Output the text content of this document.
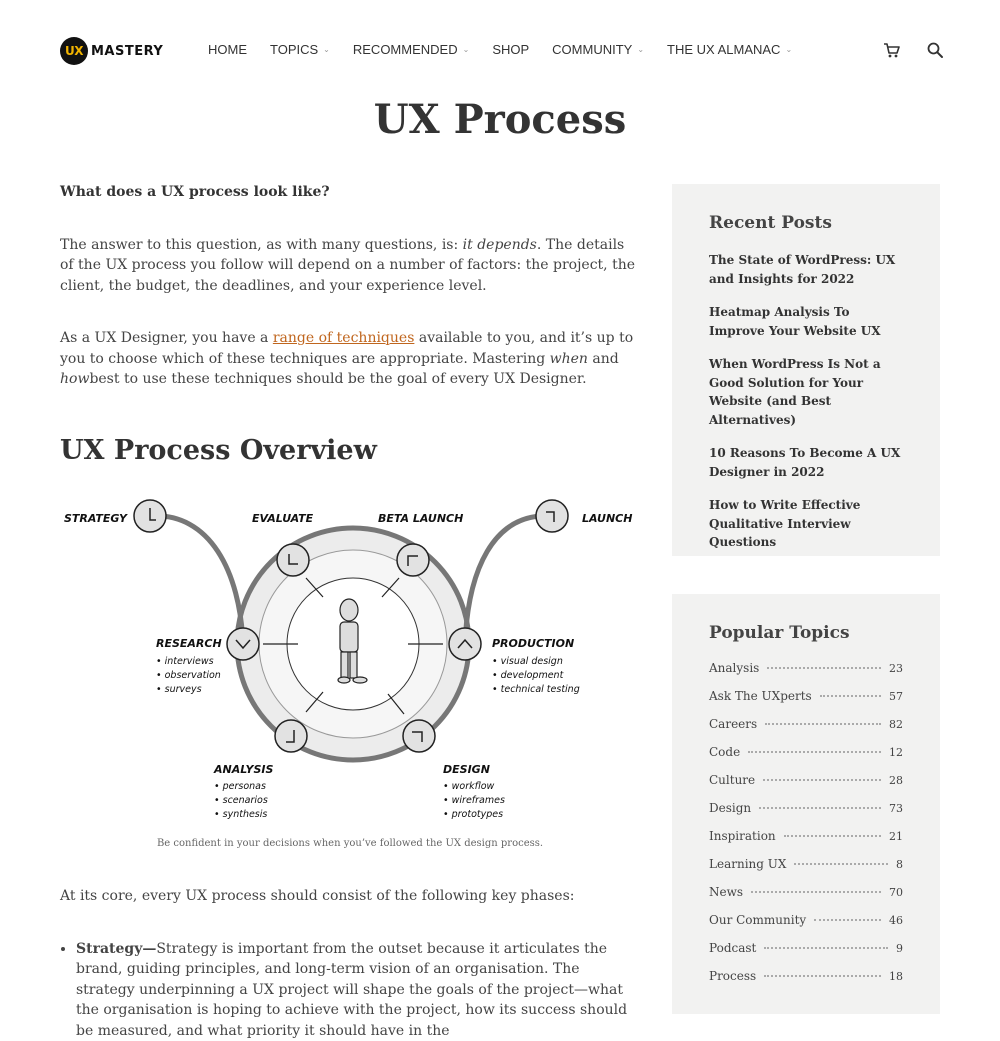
UX MASTERY	HOME TOPICS ⌄ RECOMMENDED ⌄ SHOP COMMUNITY ⌄ THE UX ALMANAC ⌄
UX Process

What does a UX process look like?

The answer to this question, as with many questions, is: it depends. The details of the UX process you follow will depend on a number of factors: the project, the client, the budget, the deadlines, and your experience level.

As a UX Designer, you have a range of techniques available to you, and it’s up to you to choose which of these techniques are appropriate. Mastering when and howbest to use these techniques should be the goal of every UX Designer.

UX Process Overview
STRATEGY	EVALUATE	BETA LAUNCH	LAUNCH
RESEARCH
• interviews
• observation
• surveys
PRODUCTION
• visual design
• development
• technical testing
ANALYSIS
• personas
• scenarios
• synthesis
DESIGN
• workflow
• wireframes
• prototypes

Be confident in your decisions when you’ve followed the UX design process.

At its core, every UX process should consist of the following key phases:

• Strategy—Strategy is important from the outset because it articulates the brand, guiding principles, and long-term vision of an organisation. The strategy underpinning a UX project will shape the goals of the project—what the organisation is hoping to achieve with the project, how its success should be measured, and what priority it should have in the
Recent Posts
The State of WordPress: UX and Insights for 2022
Heatmap Analysis To Improve Your Website UX
When WordPress Is Not a Good Solution for Your Website (and Best Alternatives)
10 Reasons To Become A UX Designer in 2022
How to Write Effective Qualitative Interview Questions
Popular Topics
Analysis	23
Ask The UXperts	57
Careers	82
Code	12
Culture	28
Design	73
Inspiration	21
Learning UX	8
News	70
Our Community	46
Podcast	9
Process	18
